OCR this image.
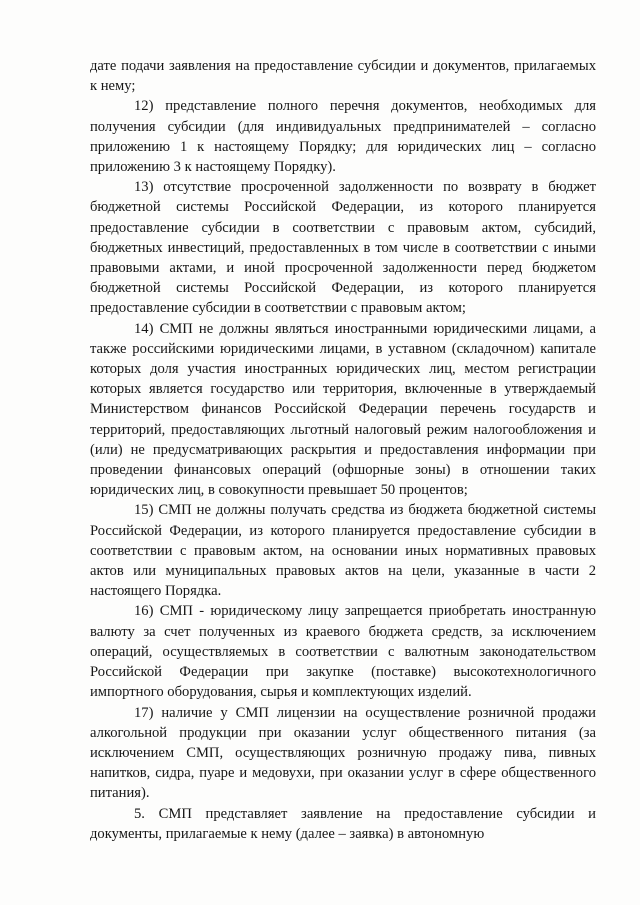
дате подачи заявления на предоставление субсидии и документов, прилагаемых к нему;

12) представление полного перечня документов, необходимых для получения субсидии (для индивидуальных предпринимателей – согласно приложению 1 к настоящему Порядку; для юридических лиц – согласно приложению 3 к настоящему Порядку).

13) отсутствие просроченной задолженности по возврату в бюджет бюджетной системы Российской Федерации, из которого планируется предоставление субсидии в соответствии с правовым актом, субсидий, бюджетных инвестиций, предоставленных в том числе в соответствии с иными правовыми актами, и иной просроченной задолженности перед бюджетом бюджетной системы Российской Федерации, из которого планируется предоставление субсидии в соответствии с правовым актом;

14) СМП не должны являться иностранными юридическими лицами, а также российскими юридическими лицами, в уставном (складочном) капитале которых доля участия иностранных юридических лиц, местом регистрации которых является государство или территория, включенные в утверждаемый Министерством финансов Российской Федерации перечень государств и территорий, предоставляющих льготный налоговый режим налогообложения и (или) не предусматривающих раскрытия и предоставления информации при проведении финансовых операций (офшорные зоны) в отношении таких юридических лиц, в совокупности превышает 50 процентов;

15) СМП не должны получать средства из бюджета бюджетной системы Российской Федерации, из которого планируется предоставление субсидии в соответствии с правовым актом, на основании иных нормативных правовых актов или муниципальных правовых актов на цели, указанные в части 2 настоящего Порядка.

16) СМП - юридическому лицу запрещается приобретать иностранную валюту за счет полученных из краевого бюджета средств, за исключением операций, осуществляемых в соответствии с валютным законодательством Российской Федерации при закупке (поставке) высокотехнологичного импортного оборудования, сырья и комплектующих изделий.

17) наличие у СМП лицензии на осуществление розничной продажи алкогольной продукции при оказании услуг общественного питания (за исключением СМП, осуществляющих розничную продажу пива, пивных напитков, сидра, пуаре и медовухи, при оказании услуг в сфере общественного питания).

5. СМП представляет заявление на предоставление субсидии и документы, прилагаемые к нему (далее – заявка) в автономную
